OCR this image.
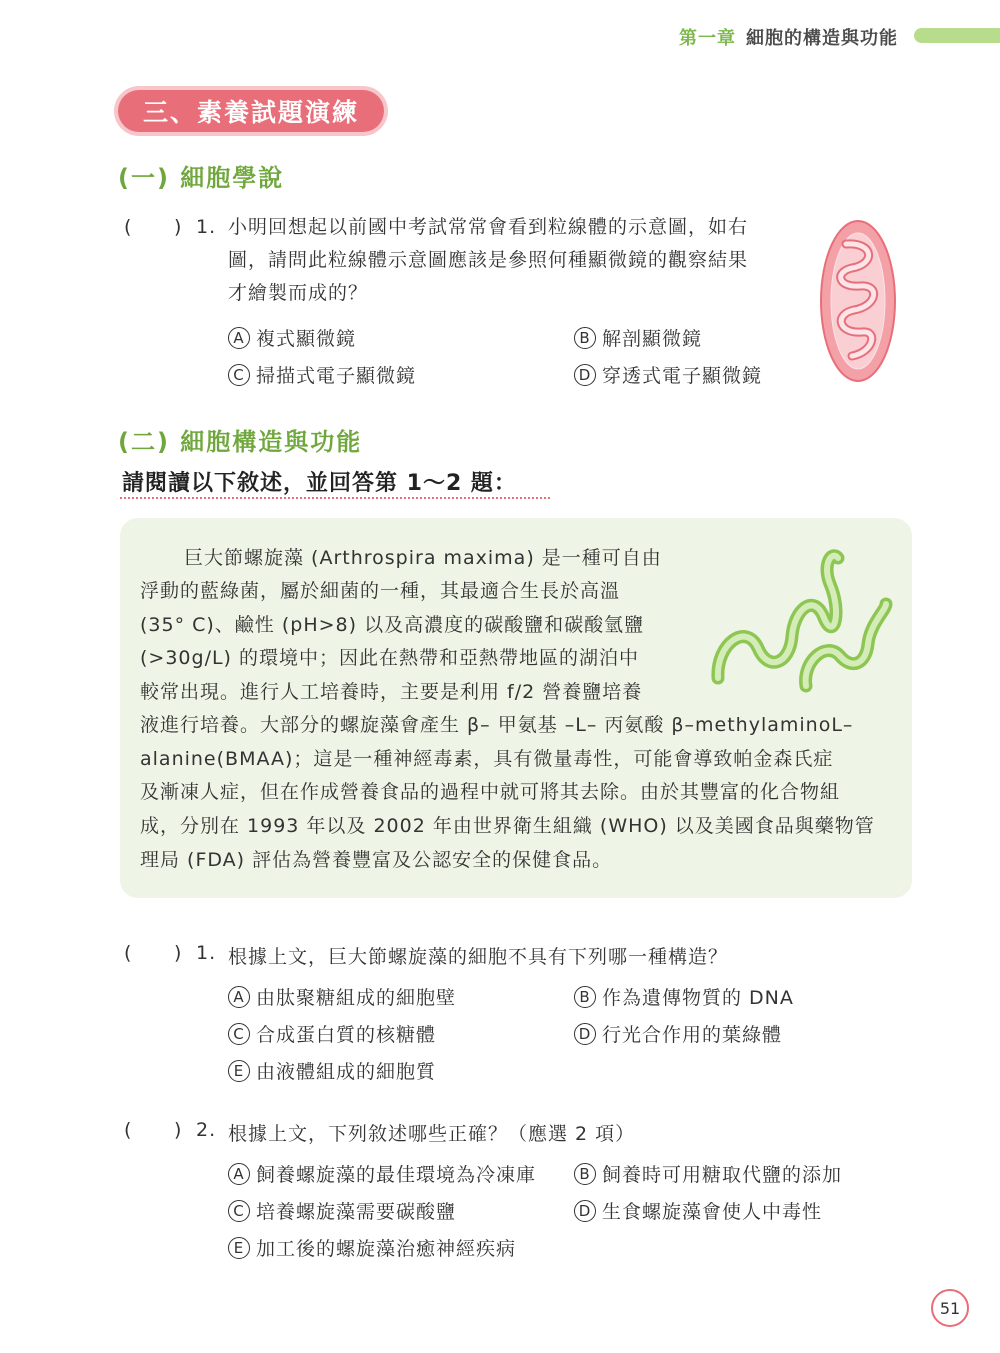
第一章 細胞的構造與功能
三、素養試題演練
(一) 細胞學說
( ) 1. 小明回想起以前國中考試常常會看到粒線體的示意圖，如右
圖，請問此粒線體示意圖應該是參照何種顯微鏡的觀察結果
才繪製而成的？
A 複式顯微鏡	B 解剖顯微鏡
C 掃描式電子顯微鏡	D 穿透式電子顯微鏡
(二) 細胞構造與功能
請閱讀以下敘述，並回答第 1～2 題：
巨大節螺旋藻 (Arthrospira maxima) 是一種可自由
浮動的藍綠菌，屬於細菌的一種，其最適合生長於高溫
(35° C)、鹼性 (pH>8) 以及高濃度的碳酸鹽和碳酸氫鹽
(>30g/L) 的環境中；因此在熱帶和亞熱帶地區的湖泊中
較常出現。進行人工培養時，主要是利用 f/2 營養鹽培養
液進行培養。大部分的螺旋藻會產生 β– 甲氨基 –L– 丙氨酸 β–methylaminoL–
alanine(BMAA)；這是一種神經毒素，具有微量毒性，可能會導致帕金森氏症
及漸凍人症，但在作成營養食品的過程中就可將其去除。由於其豐富的化合物組
成，分別在 1993 年以及 2002 年由世界衛生組織 (WHO) 以及美國食品與藥物管
理局 (FDA) 評估為營養豐富及公認安全的保健食品。
( ) 1. 根據上文，巨大節螺旋藻的細胞不具有下列哪一種構造？
A 由肽聚糖組成的細胞壁	B 作為遺傳物質的 DNA
C 合成蛋白質的核糖體	D 行光合作用的葉綠體
E 由液體組成的細胞質
( ) 2. 根據上文，下列敘述哪些正確？（應選 2 項）
A 飼養螺旋藻的最佳環境為冷凍庫	B 飼養時可用糖取代鹽的添加
C 培養螺旋藻需要碳酸鹽	D 生食螺旋藻會使人中毒性
E 加工後的螺旋藻治癒神經疾病
51
